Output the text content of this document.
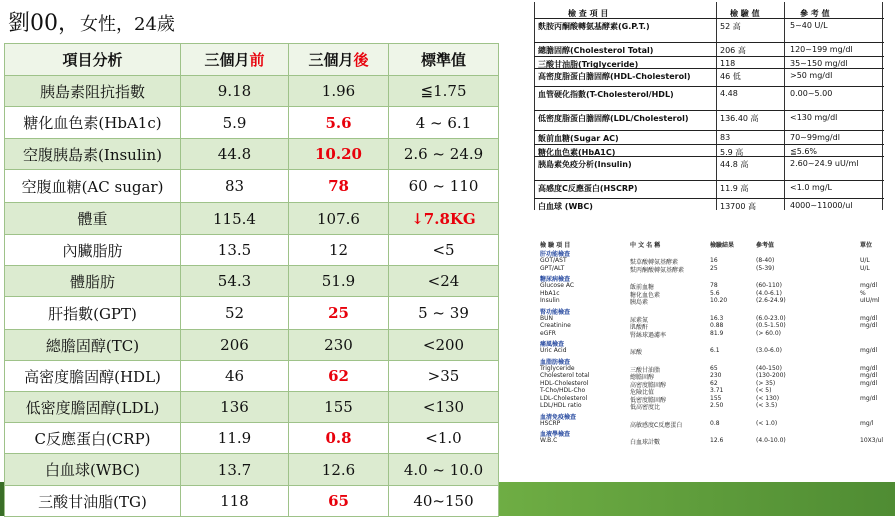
劉00，女性，24歲
項目分析	三個月前	三個月後	標準值
胰島素阻抗指數	9.18	1.96	≦1.75
糖化血色素(HbA1c)	5.9	5.6	4 ~ 6.1
空腹胰島素(Insulin)	44.8	10.20	2.6 ~ 24.9
空腹血糖(AC sugar)	83	78	60 ~ 110
體重	115.4	107.6	↓7.8KG
內臟脂肪	13.5	12	<5
體脂肪	54.3	51.9	<24
肝指數(GPT)	52	25	5 ~ 39
總膽固醇(TC)	206	230	<200
高密度膽固醇(HDL)	46	62	>35
低密度膽固醇(LDL)	136	155	<130
C反應蛋白(CRP)	11.9	0.8	<1.0
白血球(WBC)	13.7	12.6	4.0 ~ 10.0
三酸甘油脂(TG)	118	65	40~150
檢 查 項 目	檢 驗 值	參 考 值
麩胺丙酮酸轉氨基酵素(G.P.T.)	52 高	5~40 U/L
總膽固醇(Cholesterol Total)	206 高	120~199 mg/dl
三酸甘油脂(Triglyceride)	118	35~150 mg/dl
高密度脂蛋白膽固醇(HDL-Cholesterol)	46 低	>50 mg/dl
血管硬化指數(T-Cholesterol/HDL)	4.48	0.00~5.00
低密度脂蛋白膽固醇(LDL/Cholesterol)	136.40 高	<130 mg/dl
飯前血糖(Sugar AC)	83	70~99mg/dl
糖化血色素(HbA1C)	5.9 高	≦5.6%
胰島素免疫分析(Insulin)	44.8 高	2.60~24.9 uU/ml
高感度C反應蛋白(HSCRP)	11.9 高	<1.0 mg/L
白血球 (WBC)	13700 高	4000~11000/ul
檢 驗 項 目	中 文 名 稱	檢驗結果	參考值	單位
肝功能檢查
GOT/AST	麩草酸轉氨基酵素	16	(8-40)	U/L
GPT/ALT	麩丙酮酸轉氨基酵素	25	(5-39)	U/L
糖尿病檢查
Glucose AC	飯前血糖	78	(60-110)	mg/dl
HbA1c	糖化血色素	5.6	(4.0-6.1)	%
Insulin	胰島素	10.20	(2.6-24.9)	uIU/ml
腎功能檢查
BUN	尿素氮	16.3	(6.0-23.0)	mg/dl
Creatinine	肌酸酐	0.88	(0.5-1.50)	mg/dl
eGFR	腎絲球過濾率	81.9	(> 60.0)
痛風檢查
Uric Acid	尿酸	6.1	(3.0-6.0)	mg/dl
血脂肪檢查
Triglyceride	三酸甘油脂	65	(40-150)	mg/dl
Cholesterol total	總膽固醇	230	(130-200)	mg/dl
HDL-Cholesterol	高密度膽固醇	62	(> 35)	mg/dl
T-Cho/HDL-Cho	危險比值	3.71	(< 5)
LDL-Cholesterol	低密度膽固醇	155	(< 130)	mg/dl
LDL/HDL ratio	低高密度比	2.50	(< 3.5)
血清免疫檢查
HSCRP	高敏感度C反應蛋白	0.8	(< 1.0)	mg/l
血液學檢查
W.B.C	白血球計數	12.6	(4.0-10.0)	10X3/ul
